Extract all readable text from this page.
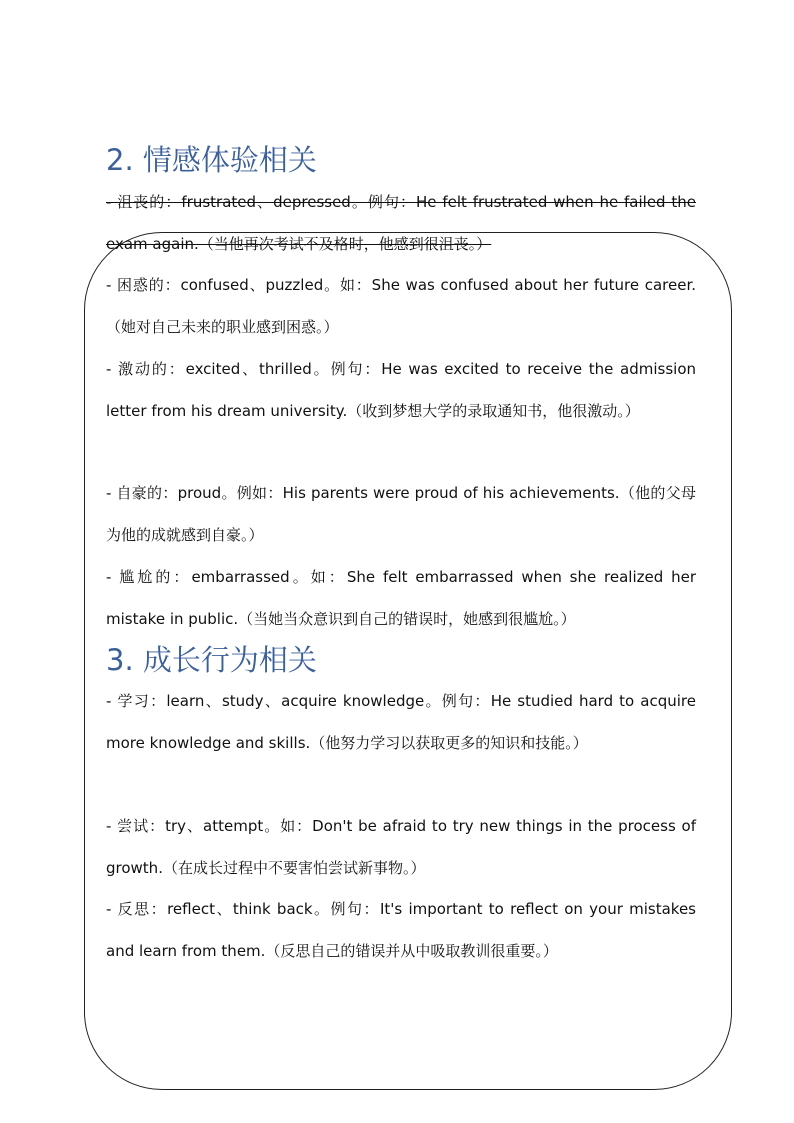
2. 情感体验相关

- 沮丧的：frustrated、depressed。例句：He felt frustrated when he failed the exam again.（当他再次考试不及格时，他感到很沮丧。）

- 困惑的：confused、puzzled。如：She was confused about her future career.（她对自己未来的职业感到困惑。）

- 激动的：excited、thrilled。例句：He was excited to receive the admission letter from his dream university.（收到梦想大学的录取通知书，他很激动。）

- 自豪的：proud。例如：His parents were proud of his achievements.（他的父母为他的成就感到自豪。）

- 尴尬的：embarrassed。如：She felt embarrassed when she realized her mistake in public.（当她当众意识到自己的错误时，她感到很尴尬。）

3. 成长行为相关

- 学习：learn、study、acquire knowledge。例句：He studied hard to acquire more knowledge and skills.（他努力学习以获取更多的知识和技能。）

- 尝试：try、attempt。如：Don't be afraid to try new things in the process of growth.（在成长过程中不要害怕尝试新事物。）

- 反思：reflect、think back。例句：It's important to reflect on your mistakes and learn from them.（反思自己的错误并从中吸取教训很重要。）
